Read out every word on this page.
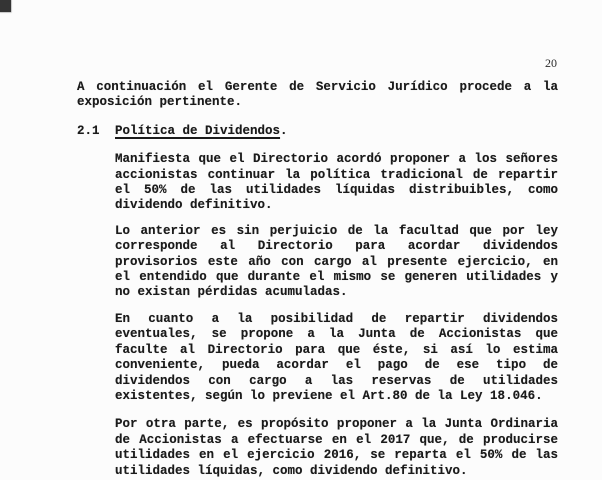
20
A continuación el Gerente de Servicio Jurídico procede a la
exposición pertinente.
2.1 Política de Dividendos.
Manifiesta que el Directorio acordó proponer a los señores
accionistas continuar la política tradicional de repartir
el 50% de las utilidades líquidas distribuibles, como
dividendo definitivo.
Lo anterior es sin perjuicio de la facultad que por ley
corresponde al Directorio para acordar dividendos
provisorios este año con cargo al presente ejercicio, en
el entendido que durante el mismo se generen utilidades y
no existan pérdidas acumuladas.
En cuanto a la posibilidad de repartir dividendos
eventuales, se propone a la Junta de Accionistas que
faculte al Directorio para que éste, si así lo estima
conveniente, pueda acordar el pago de ese tipo de
dividendos con cargo a las reservas de utilidades
existentes, según lo previene el Art.80 de la Ley 18.046.
Por otra parte, es propósito proponer a la Junta Ordinaria
de Accionistas a efectuarse en el 2017 que, de producirse
utilidades en el ejercicio 2016, se reparta el 50% de las
utilidades líquidas, como dividendo definitivo.
